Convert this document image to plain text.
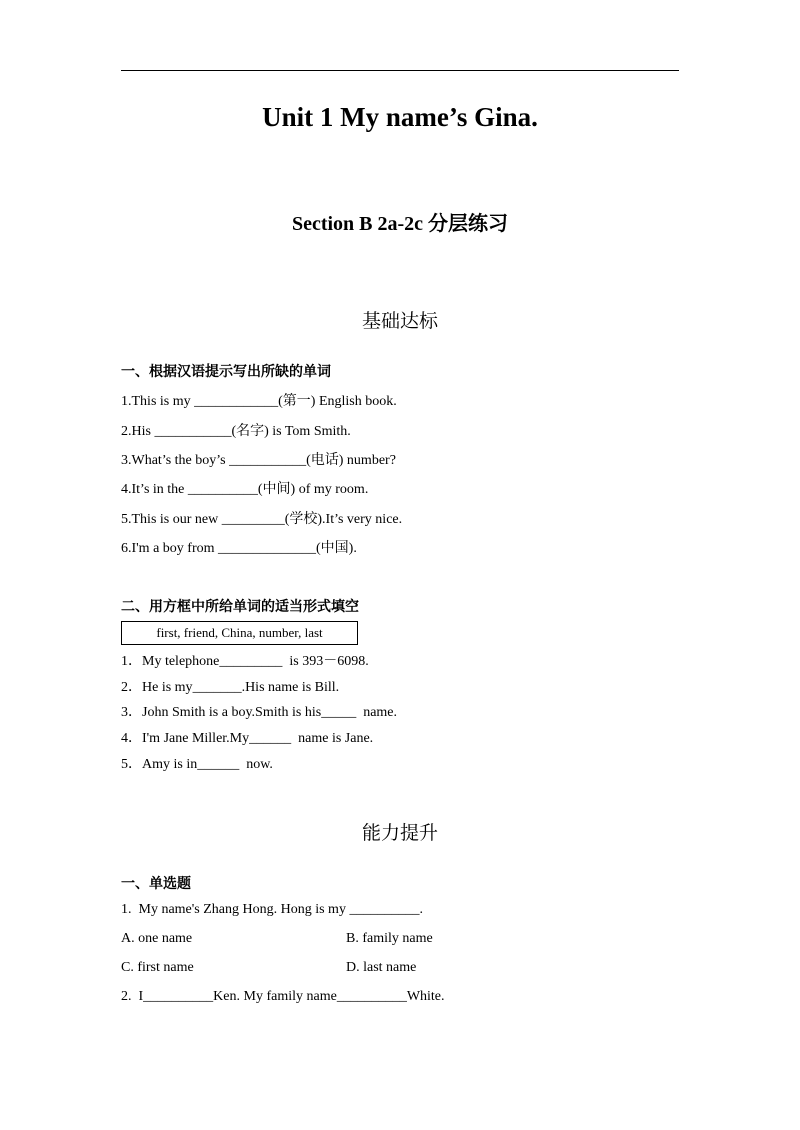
Unit 1 My name’s Gina.
Section B 2a-2c 分层练习
基础达标
一、根据汉语提示写出所缺的单词
1.This is my ____________(第一) English book.
2.His ___________(名字) is Tom Smith.
3.What’s the boy’s ___________(电话) number?
4.It’s in the __________(中间) of my room.
5.This is our new _________(学校).It’s very nice.
6.I'm a boy from ______________(中国).
二、用方框中所给单词的适当形式填空
first, friend, China, number, last
1．My telephone_________  is 393－6098.
2．He is my_______.His name is Bill.
3．John Smith is a boy.Smith is his_____  name.
4．I'm Jane Miller.My______  name is Jane.
5．Amy is in______  now.
能力提升
一、单选题
1.  My name's Zhang Hong. Hong is my __________.
A. one name	B. family name
C. first name	D. last name
2.  I__________Ken. My family name__________White.
